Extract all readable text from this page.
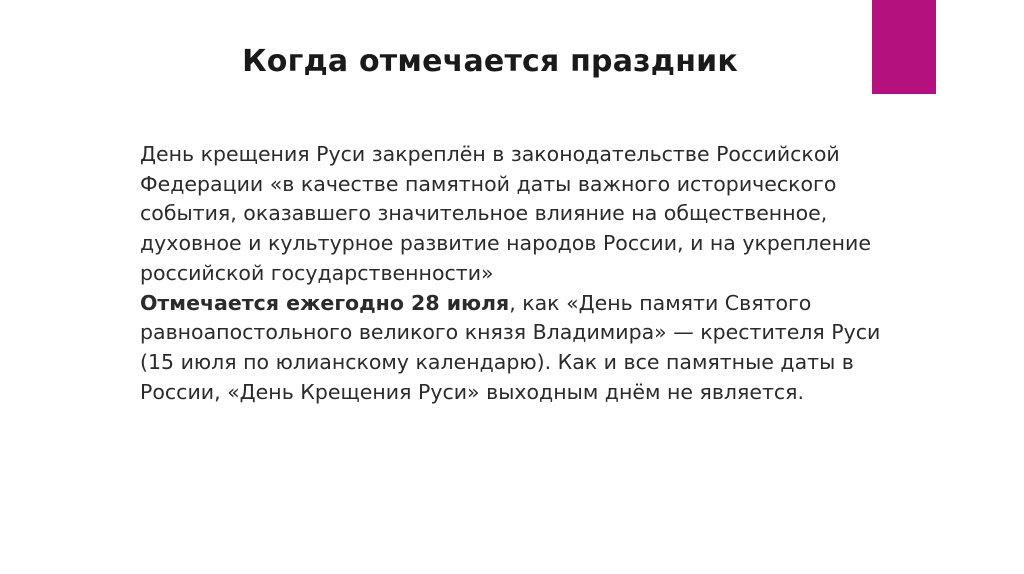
Когда отмечается праздник

День крещения Руси закреплён в законодательстве Российской Федерации «в качестве памятной даты важного исторического события, оказавшего значительное влияние на общественное, духовное и культурное развитие народов России, и на укрепление российской государственности»

Отмечается ежегодно 28 июля, как «День памяти Святого равноапостольного великого князя Владимира» — крестителя Руси (15 июля по юлианскому календарю). Как и все памятные даты в России, «День Крещения Руси» выходным днём не является.
